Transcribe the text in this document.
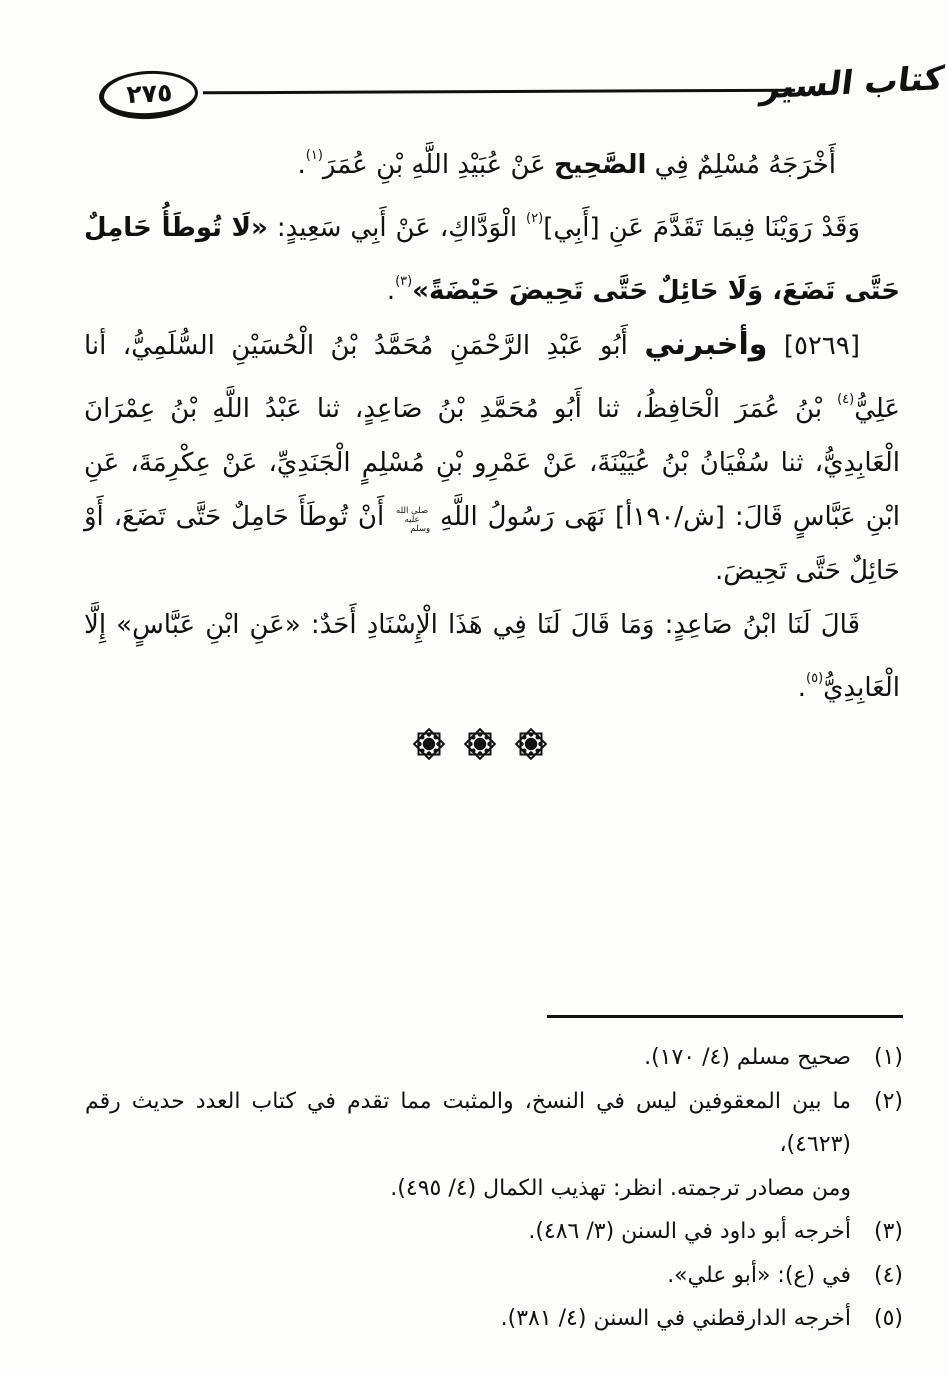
٢٧٥	كتاب السير
أَخْرَجَهُ مُسْلِمٌ فِي الصَّحِيح عَنْ عُبَيْدِ اللَّهِ بْنِ عُمَرَ$^{(١)}$.
وَقَدْ رَوَيْنَا فِيمَا تَقَدَّمَ عَنِ [أَبِي]$^{(٢)}$ الْوَدَّاكِ، عَنْ أَبِي سَعِيدٍ: «لَا تُوطَأُ حَامِلٌ
حَتَّى تَضَعَ، وَلَا حَائِلٌ حَتَّى تَحِيضَ حَيْضَةً»$^{(٣)}$.
[٥٢٦٩] وأخبرني أَبُو عَبْدِ الرَّحْمَنِ مُحَمَّدُ بْنُ الْحُسَيْنِ السُّلَمِيُّ، أنا
عَلِيُّ$^{(٤)}$ بْنُ عُمَرَ الْحَافِظُ، ثنا أَبُو مُحَمَّدِ بْنُ صَاعِدٍ، ثنا عَبْدُ اللَّهِ بْنُ عِمْرَانَ
الْعَابِدِيُّ، ثنا سُفْيَانُ بْنُ عُيَيْنَةَ، عَنْ عَمْرِو بْنِ مُسْلِمٍ الْجَنَدِيِّ، عَنْ عِكْرِمَةَ، عَنِ
ابْنِ عَبَّاسٍ قَالَ: [ش/١٩٠أ] نَهَى رَسُولُ اللَّهِ صلى الله عليه وسلم أَنْ تُوطَأَ حَامِلٌ حَتَّى تَضَعَ، أَوْ
حَائِلٌ حَتَّى تَحِيضَ.
قَالَ لَنَا ابْنُ صَاعِدٍ: وَمَا قَالَ لَنَا فِي هَذَا الْإِسْنَادِ أَحَدٌ: «عَنِ ابْنِ عَبَّاسٍ» إِلَّا
الْعَابِدِيُّ$^{(٥)}$.
(١)
صحيح مسلم (٤/ ١٧٠).
(٢)
ما بين المعقوفين ليس في النسخ، والمثبت مما تقدم في كتاب العدد حديث رقم (٤٦٢٣)،
ومن مصادر ترجمته. انظر: تهذيب الكمال (٤/ ٤٩٥).
(٣)
أخرجه أبو داود في السنن (٣/ ٤٨٦).
(٤)
في (ع): «أبو علي».
(٥)
أخرجه الدارقطني في السنن (٤/ ٣٨١).
